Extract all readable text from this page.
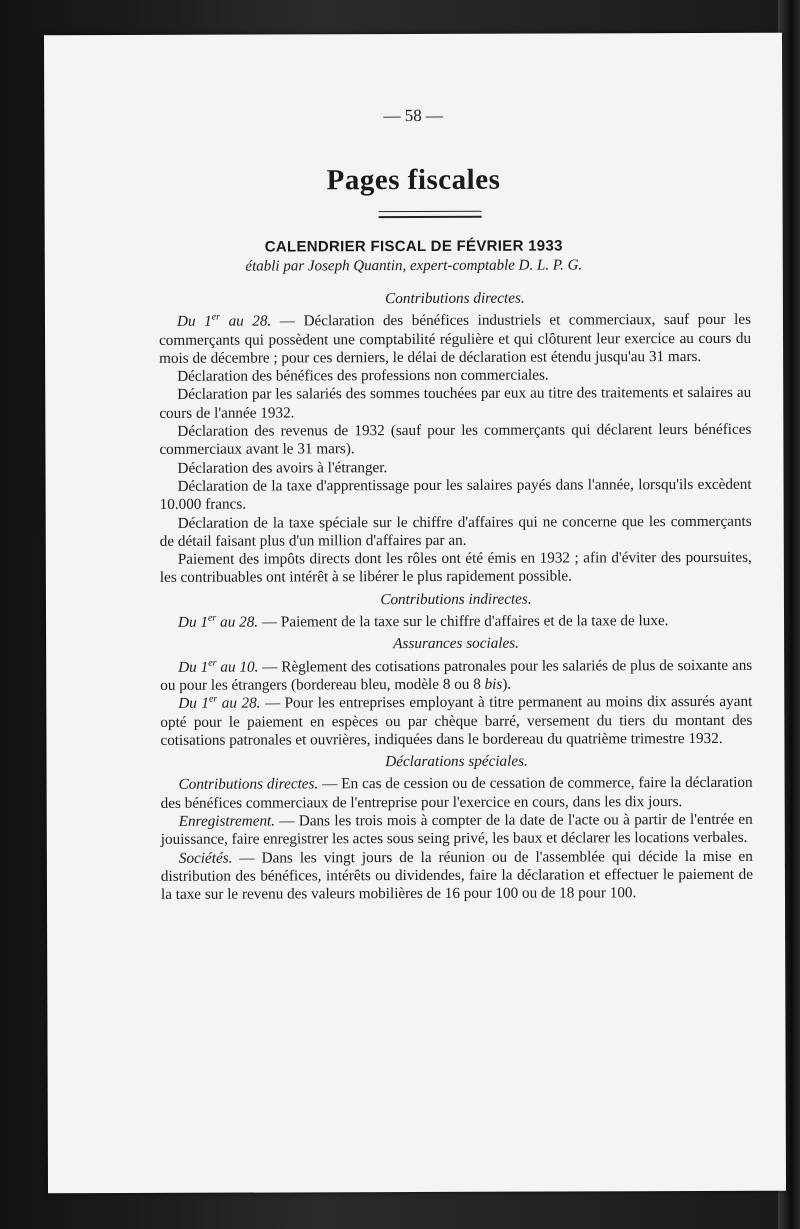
— 58 —
Pages fiscales
CALENDRIER FISCAL DE FÉVRIER 1933
établi par Joseph Quantin, expert-comptable D. L. P. G.
Contributions directes.

Du 1er au 28. — Déclaration des bénéfices industriels et commerciaux, sauf pour les commerçants qui possèdent une comptabilité régulière et qui clôturent leur exercice au cours du mois de décembre ; pour ces derniers, le délai de déclaration est étendu jusqu'au 31 mars.

Déclaration des bénéfices des professions non commerciales.

Déclaration par les salariés des sommes touchées par eux au titre des traitements et salaires au cours de l'année 1932.

Déclaration des revenus de 1932 (sauf pour les commerçants qui déclarent leurs bénéfices commerciaux avant le 31 mars).

Déclaration des avoirs à l'étranger.

Déclaration de la taxe d'apprentissage pour les salaires payés dans l'année, lorsqu'ils excèdent 10.000 francs.

Déclaration de la taxe spéciale sur le chiffre d'affaires qui ne concerne que les commerçants de détail faisant plus d'un million d'affaires par an.

Paiement des impôts directs dont les rôles ont été émis en 1932 ; afin d'éviter des poursuites, les contribuables ont intérêt à se libérer le plus rapidement possible.

Contributions indirectes.

Du 1er au 28. — Paiement de la taxe sur le chiffre d'affaires et de la taxe de luxe.

Assurances sociales.

Du 1er au 10. — Règlement des cotisations patronales pour les salariés de plus de soixante ans ou pour les étrangers (bordereau bleu, modèle 8 ou 8 bis).

Du 1er au 28. — Pour les entreprises employant à titre permanent au moins dix assurés ayant opté pour le paiement en espèces ou par chèque barré, versement du tiers du montant des cotisations patronales et ouvrières, indiquées dans le bordereau du quatrième trimestre 1932.

Déclarations spéciales.

Contributions directes. — En cas de cession ou de cessation de commerce, faire la déclaration des bénéfices commerciaux de l'entreprise pour l'exercice en cours, dans les dix jours.

Enregistrement. — Dans les trois mois à compter de la date de l'acte ou à partir de l'entrée en jouissance, faire enregistrer les actes sous seing privé, les baux et déclarer les locations verbales.

Sociétés. — Dans les vingt jours de la réunion ou de l'assemblée qui décide la mise en distribution des bénéfices, intérêts ou dividendes, faire la déclaration et effectuer le paiement de la taxe sur le revenu des valeurs mobilières de 16 pour 100 ou de 18 pour 100.
